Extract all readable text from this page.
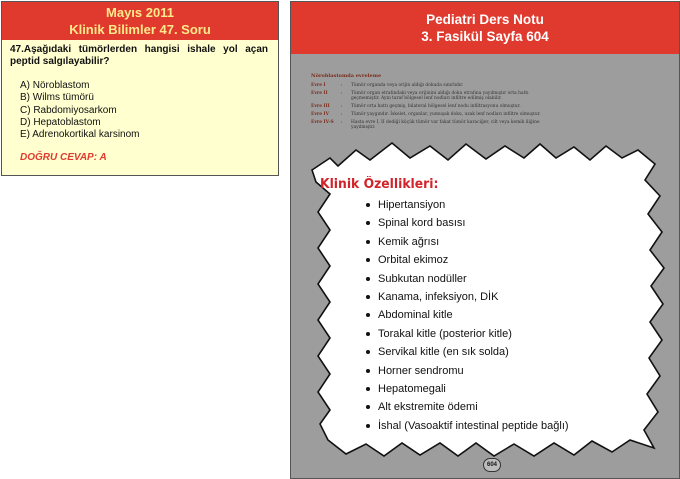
Mayıs 2011
Klinik Bilimler 47. Soru
47.Aşağıdaki tümörlerden hangisi ishale yol açan peptid salgılayabilir?
A) Nöroblastom
B) Wilms tümörü
C) Rabdomiyosarkom
D) Hepatoblastom
E) Adrenokortikal karsinom
DOĞRU CEVAP: A
Pediatri Ders Notu
3. Fasikül Sayfa 604
Nöroblastomda evreleme
Evre I	:	Tümör organda veya orijin aldığı dokuda sınırlıdır.
Evre II	:	Tümör organ etrafındaki veya orijinini aldığı doku etrafına yayılmıştır orta hattı geçmemiştir. Aynı taraf bölgesel lenf nodları infiltre edilmiş olabilir.
Evre III	:	Tümör orta hattı geçmiş, bilateral bölgesel lenf nodu infiltrasyonu olmuştur.
Evre IV	:	Tümör yaygındır. İskelet, organlar, yumuşak doku, uzak lenf nodları infiltre olmuştur.
Evre IV-S	:	Hasta evre I, II dediği küçük tümör var fakat tümör karaciğer, cilt veya kemik iliğine yayılmıştır.
Klinik Özellikleri:
Hipertansiyon
Spinal kord basısı
Kemik ağrısı
Orbital ekimoz
Subkutan nodüller
Kanama, infeksiyon, DİK
Abdominal kitle
Torakal kitle (posterior kitle)
Servikal kitle (en sık solda)
Horner sendromu
Hepatomegali
Alt ekstremite ödemi
İshal (Vasoaktif intestinal peptide bağlı)
604
